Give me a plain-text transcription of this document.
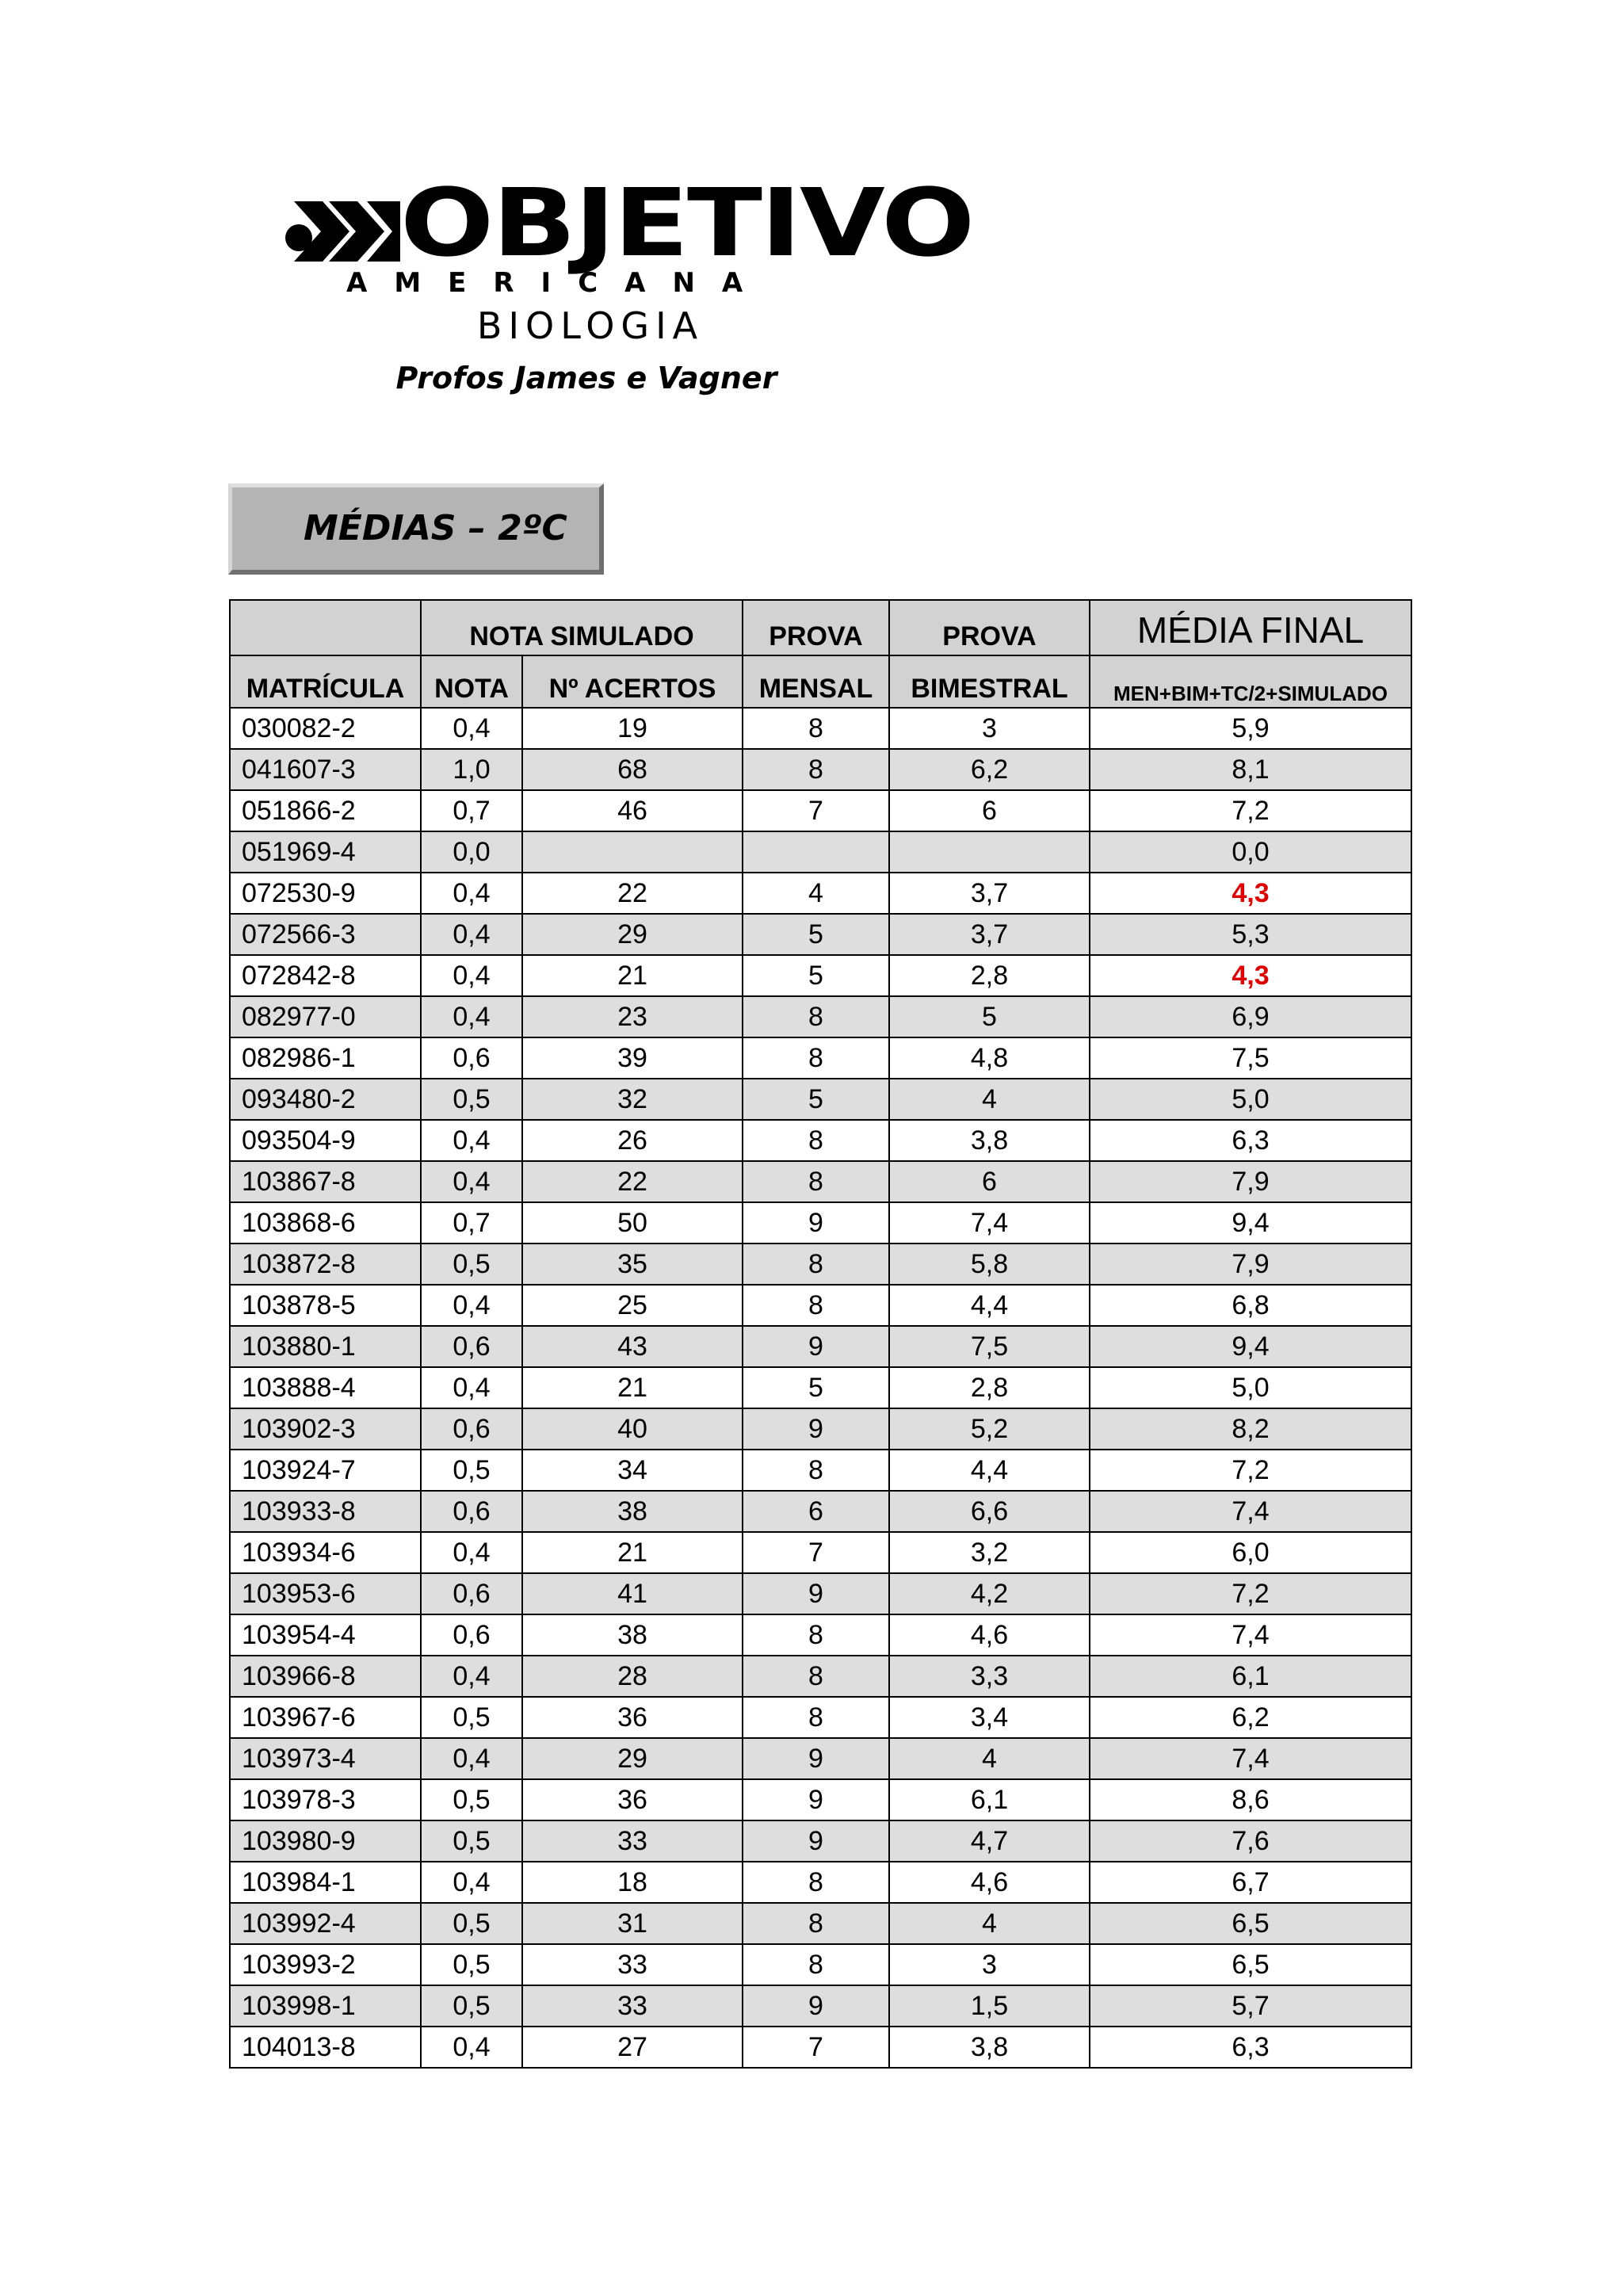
OBJETIVO
AMERICANA
BIOLOGIA
Profos James e Vagner
MÉDIAS – 2ºC
	NOTA SIMULADO		PROVA	PROVA	MÉDIA FINAL
MATRÍCULA	NOTA	Nº ACERTOS	MENSAL	BIMESTRAL	MEN+BIM+TC/2+SIMULADO
030082-2	0,4	19	8	3	5,9
041607-3	1,0	68	8	6,2	8,1
051866-2	0,7	46	7	6	7,2
051969-4	0,0				0,0
072530-9	0,4	22	4	3,7	4,3
072566-3	0,4	29	5	3,7	5,3
072842-8	0,4	21	5	2,8	4,3
082977-0	0,4	23	8	5	6,9
082986-1	0,6	39	8	4,8	7,5
093480-2	0,5	32	5	4	5,0
093504-9	0,4	26	8	3,8	6,3
103867-8	0,4	22	8	6	7,9
103868-6	0,7	50	9	7,4	9,4
103872-8	0,5	35	8	5,8	7,9
103878-5	0,4	25	8	4,4	6,8
103880-1	0,6	43	9	7,5	9,4
103888-4	0,4	21	5	2,8	5,0
103902-3	0,6	40	9	5,2	8,2
103924-7	0,5	34	8	4,4	7,2
103933-8	0,6	38	6	6,6	7,4
103934-6	0,4	21	7	3,2	6,0
103953-6	0,6	41	9	4,2	7,2
103954-4	0,6	38	8	4,6	7,4
103966-8	0,4	28	8	3,3	6,1
103967-6	0,5	36	8	3,4	6,2
103973-4	0,4	29	9	4	7,4
103978-3	0,5	36	9	6,1	8,6
103980-9	0,5	33	9	4,7	7,6
103984-1	0,4	18	8	4,6	6,7
103992-4	0,5	31	8	4	6,5
103993-2	0,5	33	8	3	6,5
103998-1	0,5	33	9	1,5	5,7
104013-8	0,4	27	7	3,8	6,3
